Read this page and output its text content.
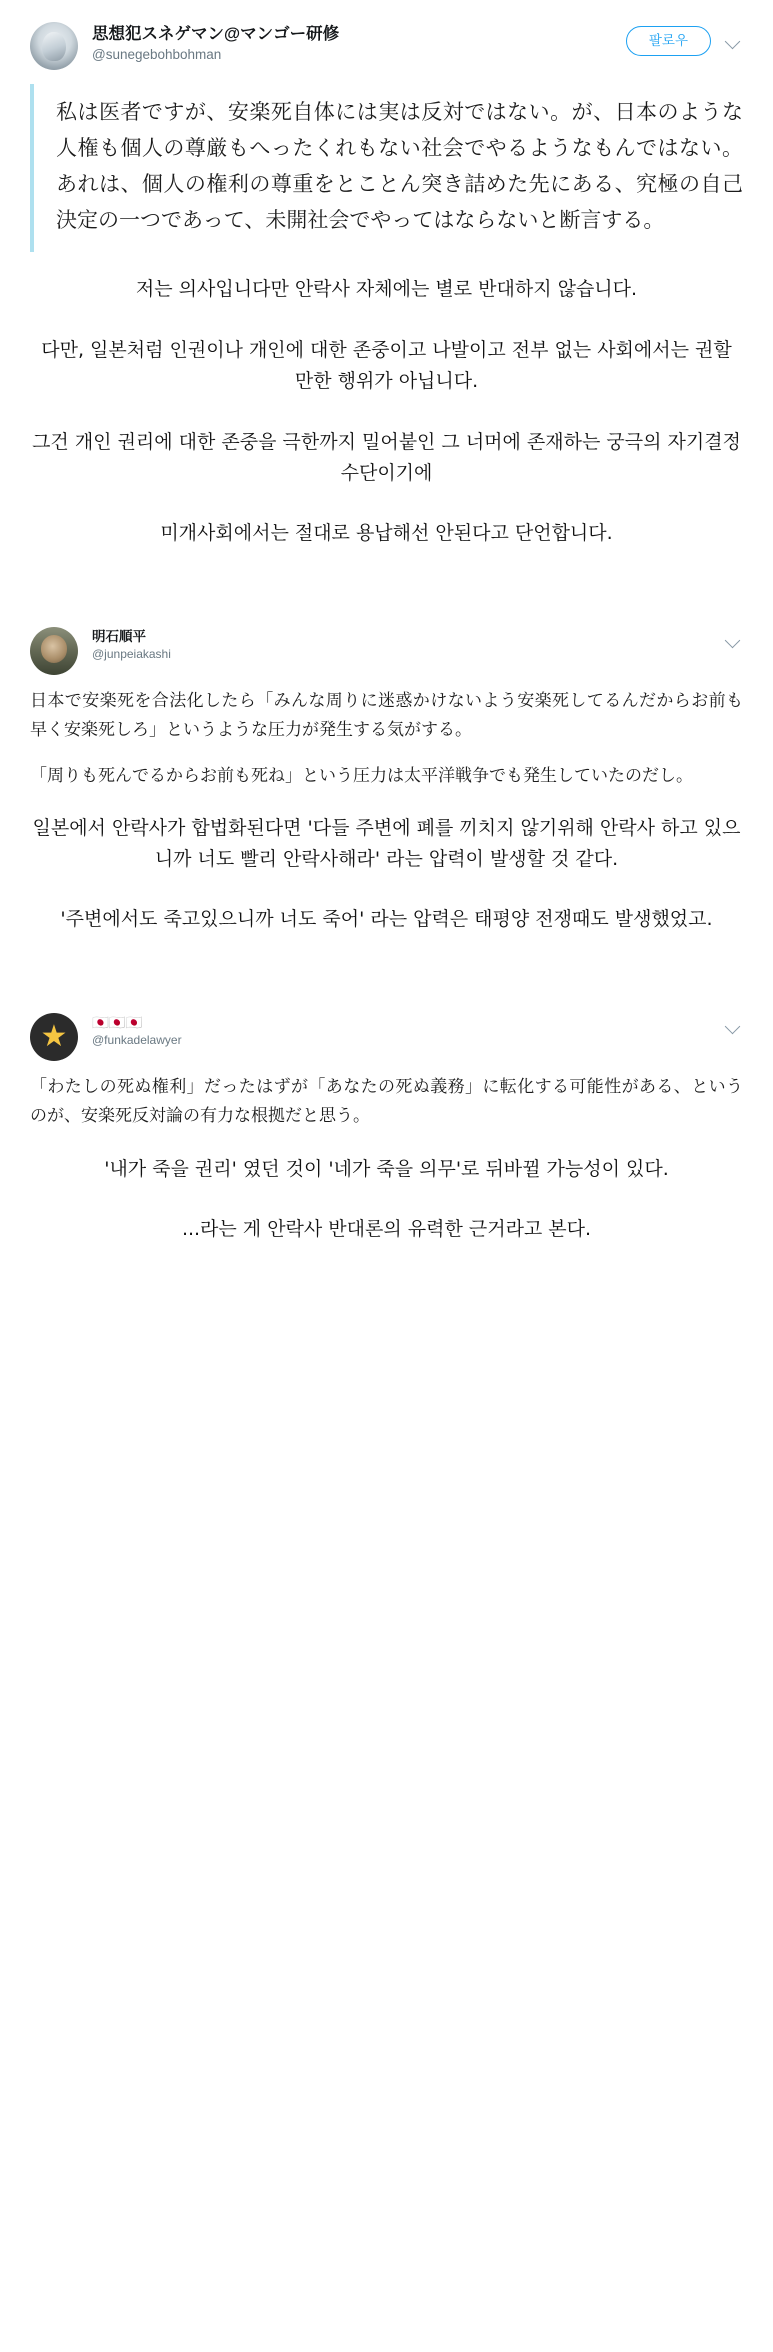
思想犯スネゲマン@マンゴー研修
@sunegebohbohman
팔로우
私は医者ですが、安楽死自体には実は反対ではない。が、日本のような人権も個人の尊厳もへったくれもない社会でやるようなもんではない。あれは、個人の権利の尊重をとことん突き詰めた先にある、究極の自己決定の一つであって、未開社会でやってはならないと断言する。

저는 의사입니다만 안락사 자체에는 별로 반대하지 않습니다.

다만, 일본처럼 인권이나 개인에 대한 존중이고 나발이고 전부 없는 사회에서는 권할 만한 행위가 아닙니다.

그건 개인 권리에 대한 존중을 극한까지 밀어붙인 그 너머에 존재하는 궁극의 자기결정 수단이기에

미개사회에서는 절대로 용납해선 안된다고 단언합니다.

明石順平
@junpeiakashi

日本で安楽死を合法化したら「みんな周りに迷惑かけないよう安楽死してるんだからお前も早く安楽死しろ」というような圧力が発生する気がする。

「周りも死んでるからお前も死ね」という圧力は太平洋戦争でも発生していたのだし。

일본에서 안락사가 합법화된다면 '다들 주변에 폐를 끼치지 않기위해 안락사 하고 있으니까 너도 빨리 안락사해라' 라는 압력이 발생할 것 같다.

'주변에서도 죽고있으니까 너도 죽어' 라는 압력은 태평양 전쟁때도 발생했었고.

★
🇯🇵🇯🇵🇯🇵
@funkadelawyer

「わたしの死ぬ権利」だったはずが「あなたの死ぬ義務」に転化する可能性がある、というのが、安楽死反対論の有力な根拠だと思う。

'내가 죽을 권리' 였던 것이 '네가 죽을 의무'로 뒤바뀔 가능성이 있다.

...라는 게 안락사 반대론의 유력한 근거라고 본다.
